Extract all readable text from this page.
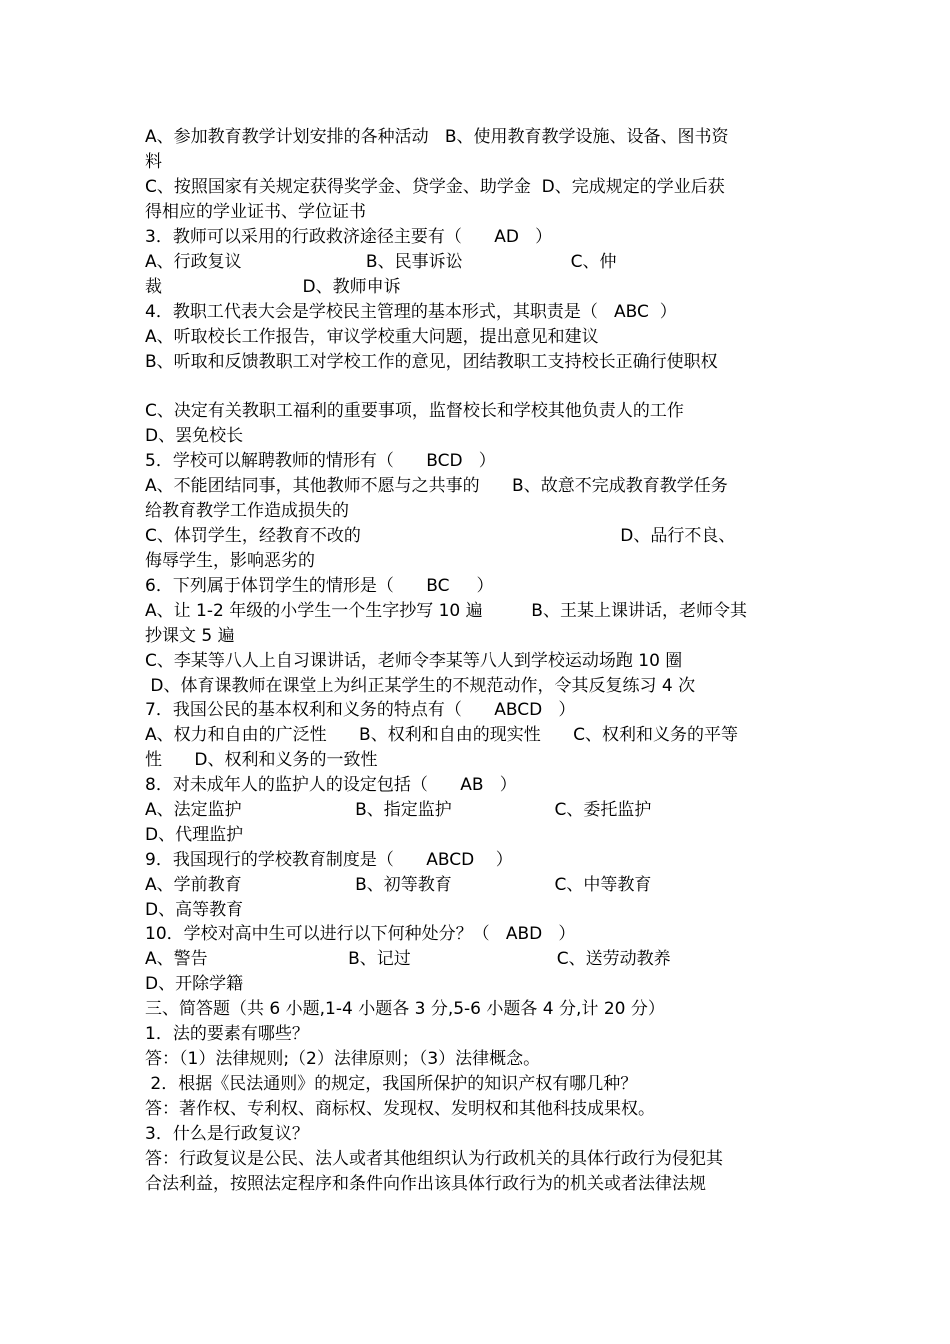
A、参加教育教学计划安排的各种活动   B、使用教育教学设施、设备、图书资
料
C、按照国家有关规定获得奖学金、贷学金、助学金  D、完成规定的学业后获
得相应的学业证书、学位证书
3．教师可以采用的行政救济途径主要有（      AD   ）
A、行政复议                       B、民事诉讼                    C、仲
裁                          D、教师申诉
4．教职工代表大会是学校民主管理的基本形式，其职责是（   ABC  ）
A、听取校长工作报告，审议学校重大问题，提出意见和建议
B、听取和反馈教职工对学校工作的意见，团结教职工支持校长正确行使职权
C、决定有关教职工福利的重要事项，监督校长和学校其他负责人的工作
D、罢免校长
5．学校可以解聘教师的情形有（      BCD   ）
A、不能团结同事，其他教师不愿与之共事的      B、故意不完成教育教学任务
给教育教学工作造成损失的
C、体罚学生，经教育不改的                                                D、品行不良、
侮辱学生，影响恶劣的
6．下列属于体罚学生的情形是（      BC     ）
A、让 1-2 年级的小学生一个生字抄写 10 遍         B、王某上课讲话，老师令其
抄课文 5 遍
C、李某等八人上自习课讲话，老师令李某等八人到学校运动场跑 10 圈
D、体育课教师在课堂上为纠正某学生的不规范动作，令其反复练习 4 次
7．我国公民的基本权利和义务的特点有（      ABCD   ）
A、权力和自由的广泛性      B、权利和自由的现实性      C、权利和义务的平等
性      D、权利和义务的一致性
8．对未成年人的监护人的设定包括（      AB   ）
A、法定监护                     B、指定监护                   C、委托监护
D、代理监护
9．我国现行的学校教育制度是（      ABCD    ）
A、学前教育                     B、初等教育                   C、中等教育
D、高等教育
10．学校对高中生可以进行以下何种处分？（   ABD   ）
A、警告                          B、记过                           C、送劳动教养
D、开除学籍
三、简答题（共 6 小题,1-4 小题各 3 分,5-6 小题各 4 分,计 20 分）
1．法的要素有哪些？
答：（1）法律规则;（2）法律原则；（3）法律概念。
2．根据《民法通则》的规定，我国所保护的知识产权有哪几种？
答：著作权、专利权、商标权、发现权、发明权和其他科技成果权。
3．什么是行政复议？
答：行政复议是公民、法人或者其他组织认为行政机关的具体行政行为侵犯其
合法利益，按照法定程序和条件向作出该具体行政行为的机关或者法律法规
